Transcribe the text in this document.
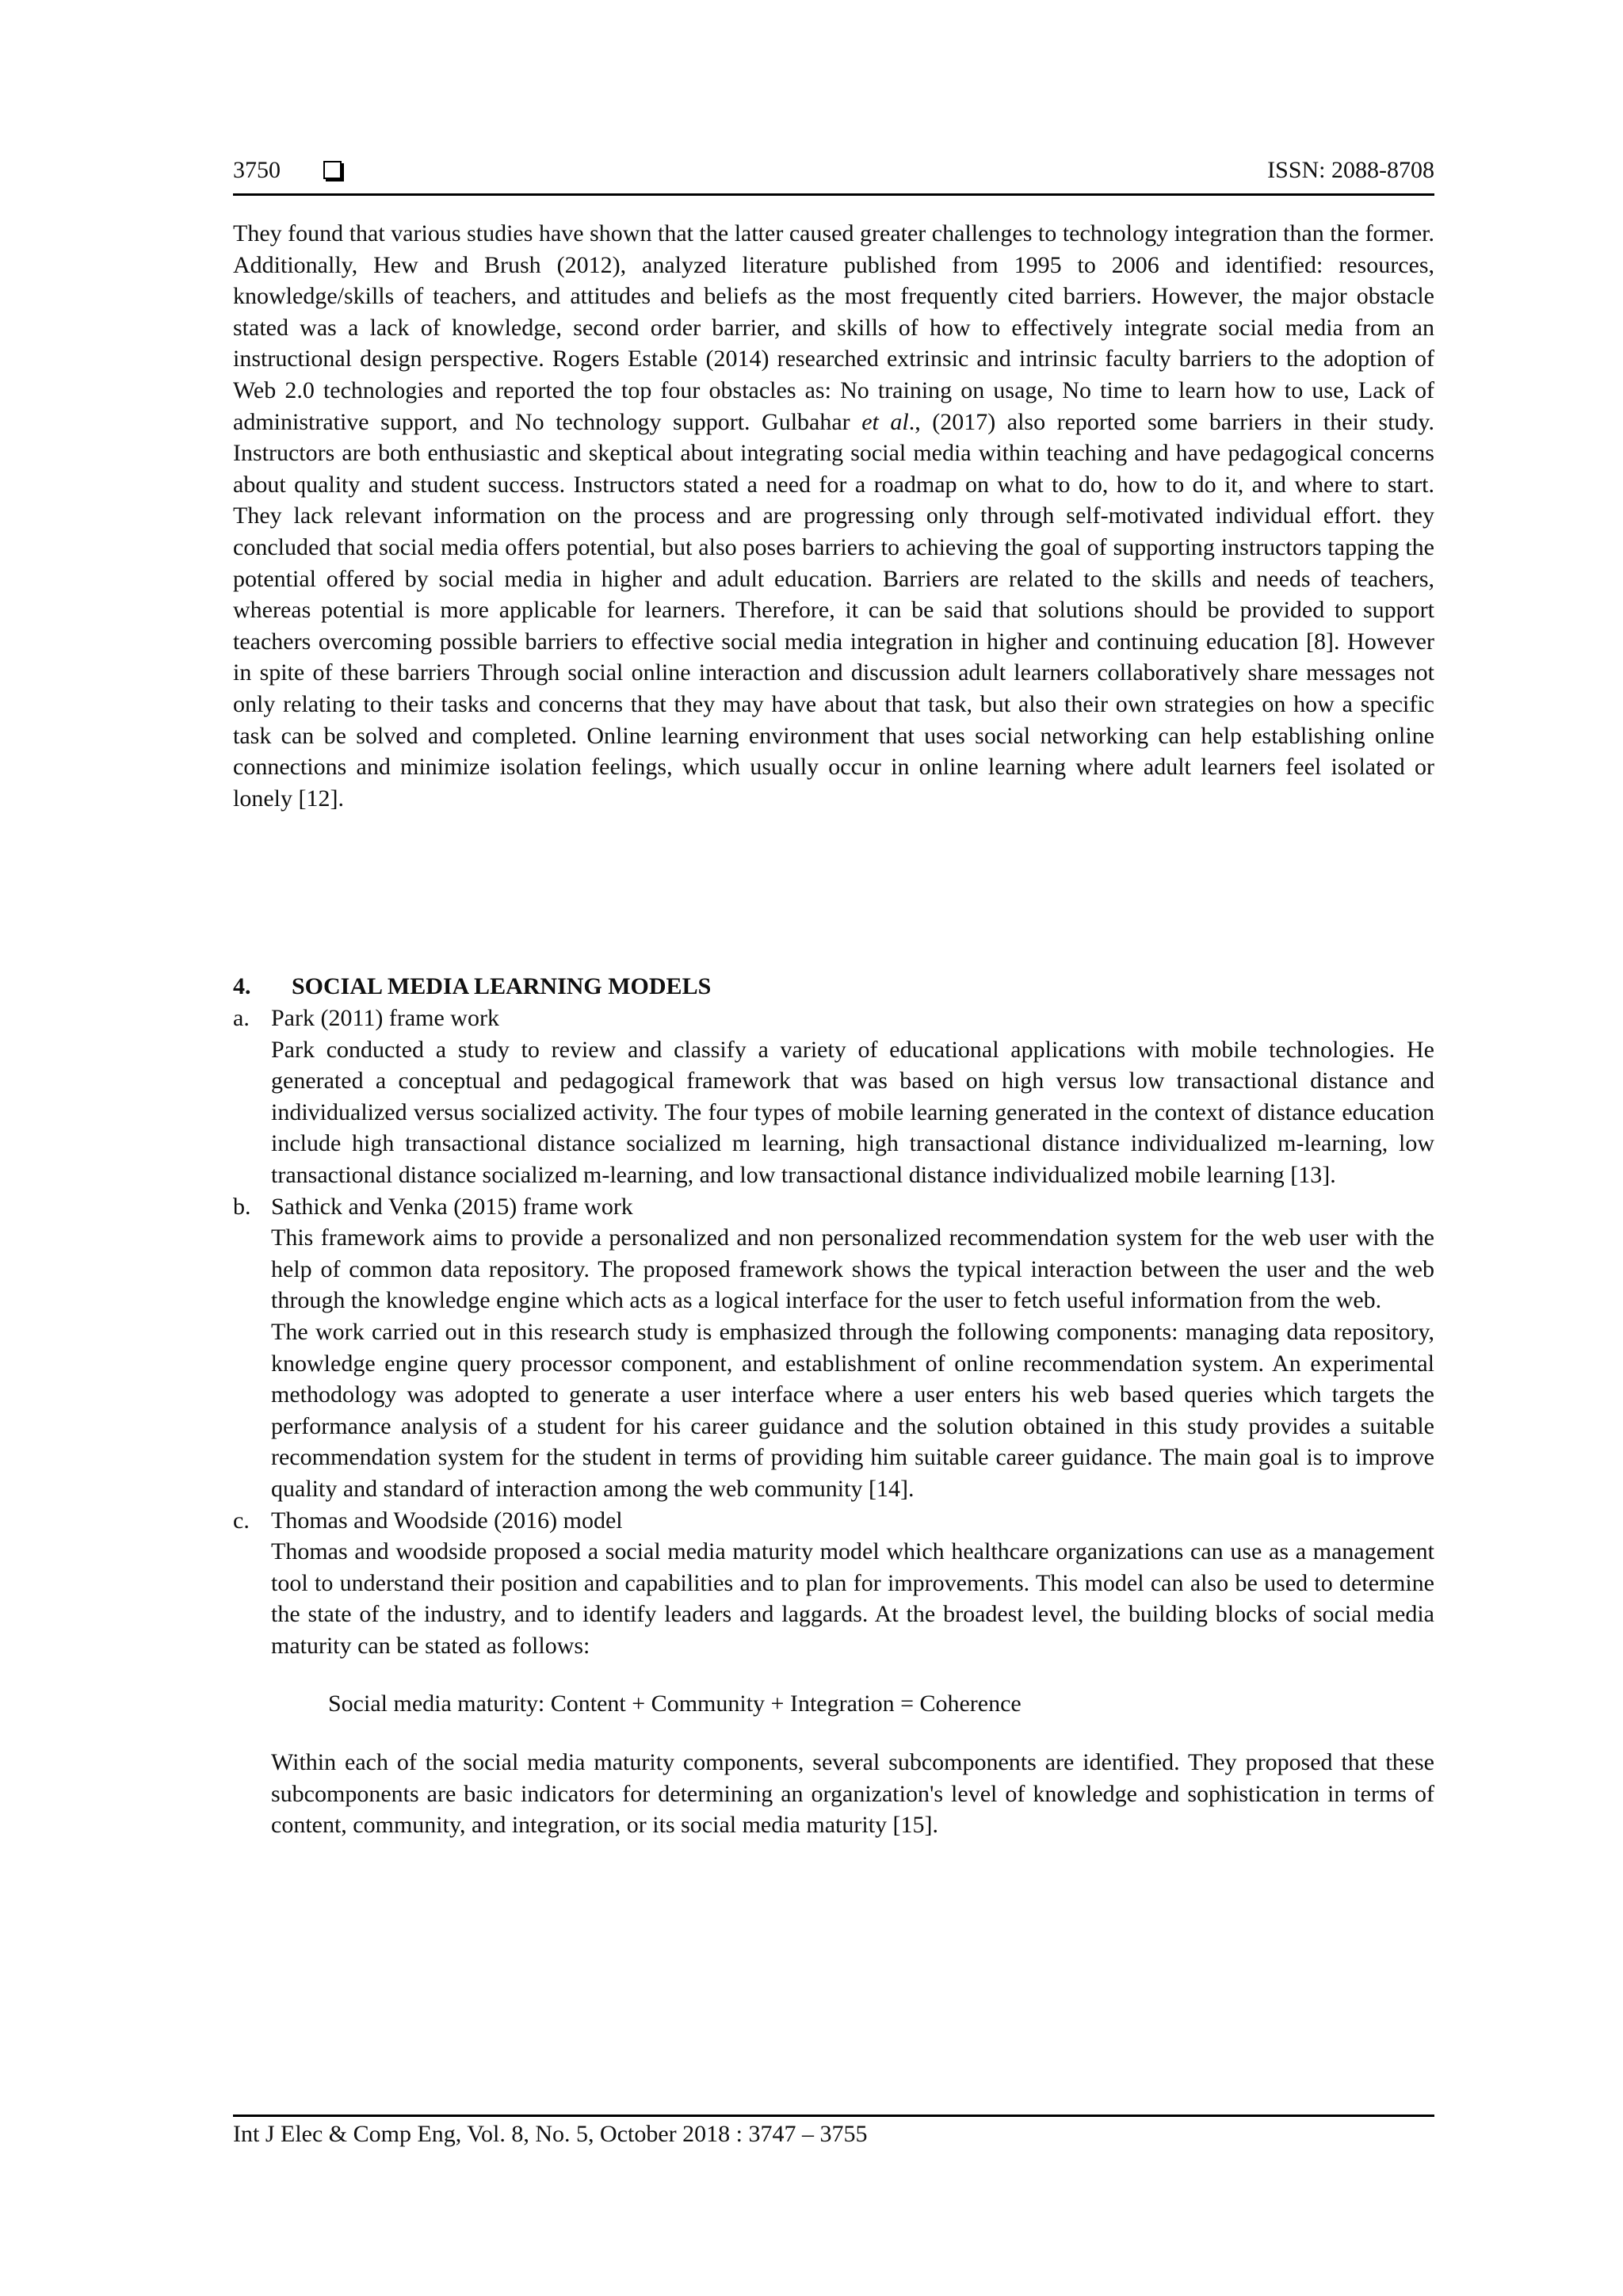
3750	ISSN: 2088-8708

They found that various studies have shown that the latter caused greater challenges to technology integration than the former. Additionally, Hew and Brush (2012), analyzed literature published from 1995 to 2006 and identified: resources, knowledge/skills of teachers, and attitudes and beliefs as the most frequently cited barriers. However, the major obstacle stated was a lack of knowledge, second order barrier, and skills of how to effectively integrate social media from an instructional design perspective. Rogers Estable (2014) researched extrinsic and intrinsic faculty barriers to the adoption of Web 2.0 technologies and reported the top four obstacles as: No training on usage, No time to learn how to use, Lack of administrative support, and No technology support. Gulbahar et al., (2017) also reported some barriers in their study. Instructors are both enthusiastic and skeptical about integrating social media within teaching and have pedagogical concerns about quality and student success. Instructors stated a need for a roadmap on what to do, how to do it, and where to start. They lack relevant information on the process and are progressing only through self-motivated individual effort. they concluded that social media offers potential, but also poses barriers to achieving the goal of supporting instructors tapping the potential offered by social media in higher and adult education. Barriers are related to the skills and needs of teachers, whereas potential is more applicable for learners. Therefore, it can be said that solutions should be provided to support teachers overcoming possible barriers to effective social media integration in higher and continuing education [8]. However in spite of these barriers Through social online interaction and discussion adult learners collaboratively share messages not only relating to their tasks and concerns that they may have about that task, but also their own strategies on how a specific task can be solved and completed. Online learning environment that uses social networking can help establishing online connections and minimize isolation feelings, which usually occur in online learning where adult learners feel isolated or lonely [12].

4. SOCIAL MEDIA LEARNING MODELS
a. Park (2011) frame work

Park conducted a study to review and classify a variety of educational applications with mobile technologies. He generated a conceptual and pedagogical framework that was based on high versus low transactional distance and individualized versus socialized activity. The four types of mobile learning generated in the context of distance education include high transactional distance socialized m learning, high transactional distance individualized m-learning, low transactional distance socialized m-learning, and low transactional distance individualized mobile learning [13].

b. Sathick and Venka (2015) frame work

This framework aims to provide a personalized and non personalized recommendation system for the web user with the help of common data repository. The proposed framework shows the typical interaction between the user and the web through the knowledge engine which acts as a logical interface for the user to fetch useful information from the web.

The work carried out in this research study is emphasized through the following components: managing data repository, knowledge engine query processor component, and establishment of online recommendation system. An experimental methodology was adopted to generate a user interface where a user enters his web based queries which targets the performance analysis of a student for his career guidance and the solution obtained in this study provides a suitable recommendation system for the student in terms of providing him suitable career guidance. The main goal is to improve quality and standard of interaction among the web community [14].

c. Thomas and Woodside (2016) model

Thomas and woodside proposed a social media maturity model which healthcare organizations can use as a management tool to understand their position and capabilities and to plan for improvements. This model can also be used to determine the state of the industry, and to identify leaders and laggards. At the broadest level, the building blocks of social media maturity can be stated as follows:

Social media maturity: Content + Community + Integration = Coherence

Within each of the social media maturity components, several subcomponents are identified. They proposed that these subcomponents are basic indicators for determining an organization's level of knowledge and sophistication in terms of content, community, and integration, or its social media maturity [15].

Int J Elec & Comp Eng, Vol. 8, No. 5, October 2018 : 3747 – 3755
